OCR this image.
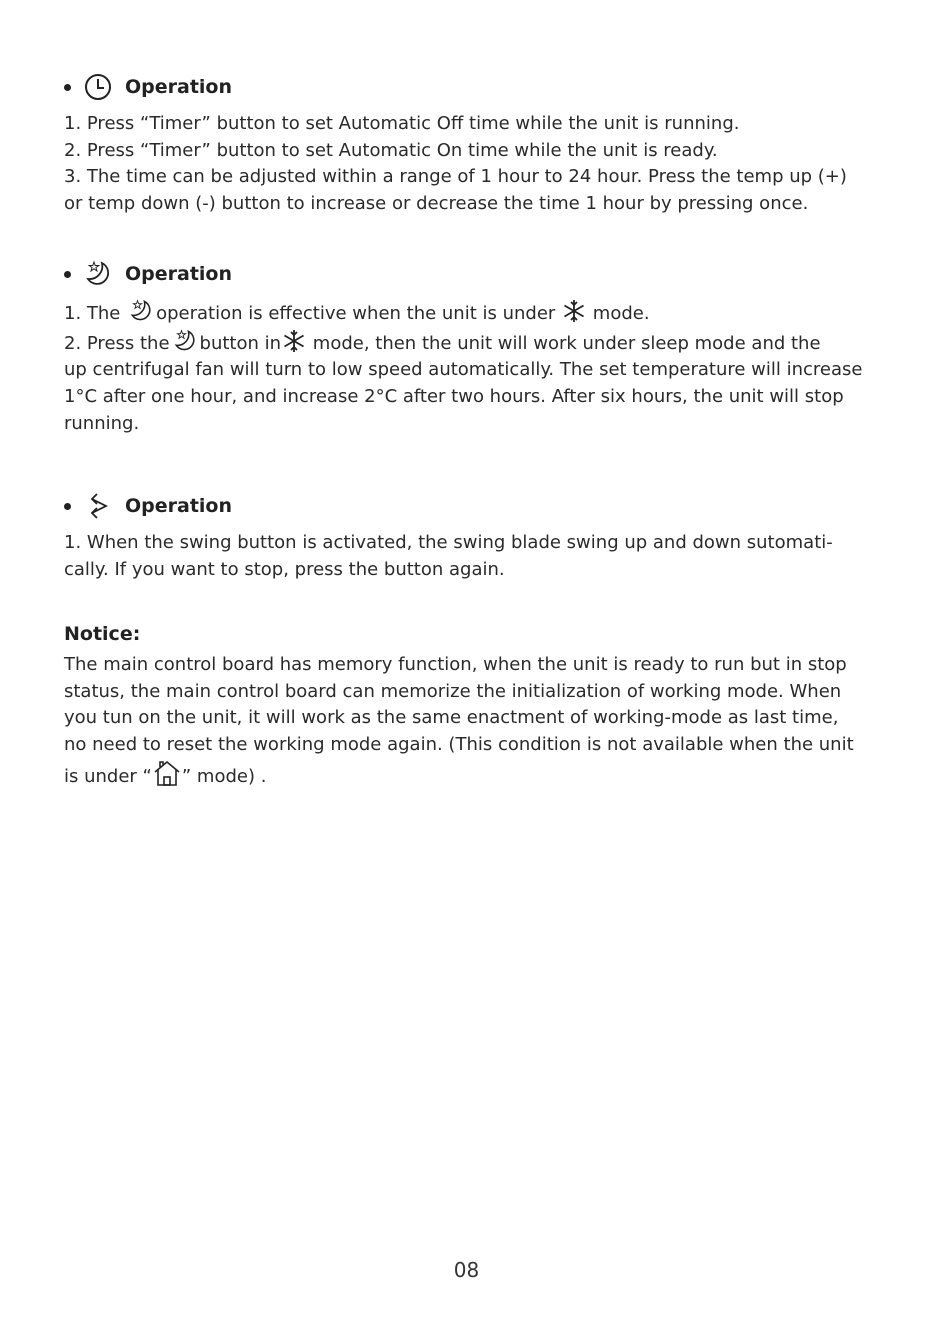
Operation

1. Press “Timer” button to set Automatic Off time while the unit is running.

2. Press “Timer” button to set Automatic On time while the unit is ready.

3. The time can be adjusted within a range of 1 hour to 24 hour. Press the temp up (+)

or temp down (-) button to increase or decrease the time 1 hour by pressing once.

Operation

1. The operation is effective when the unit is under mode.

2. Press the button in mode, then the unit will work under sleep mode and the

up centrifugal fan will turn to low speed automatically. The set temperature will increase

1°C after one hour, and increase 2°C after two hours. After six hours, the unit will stop

running.

Operation

1. When the swing button is activated, the swing blade swing up and down sutomati-

cally. If you want to stop, press the button again.

Notice:

The main control board has memory function, when the unit is ready to run but in stop

status, the main control board can memorize the initialization of working mode. When

you tun on the unit, it will work as the same enactment of working-mode as last time,

no need to reset the working mode again. (This condition is not available when the unit

is under “ ” mode) .

08
